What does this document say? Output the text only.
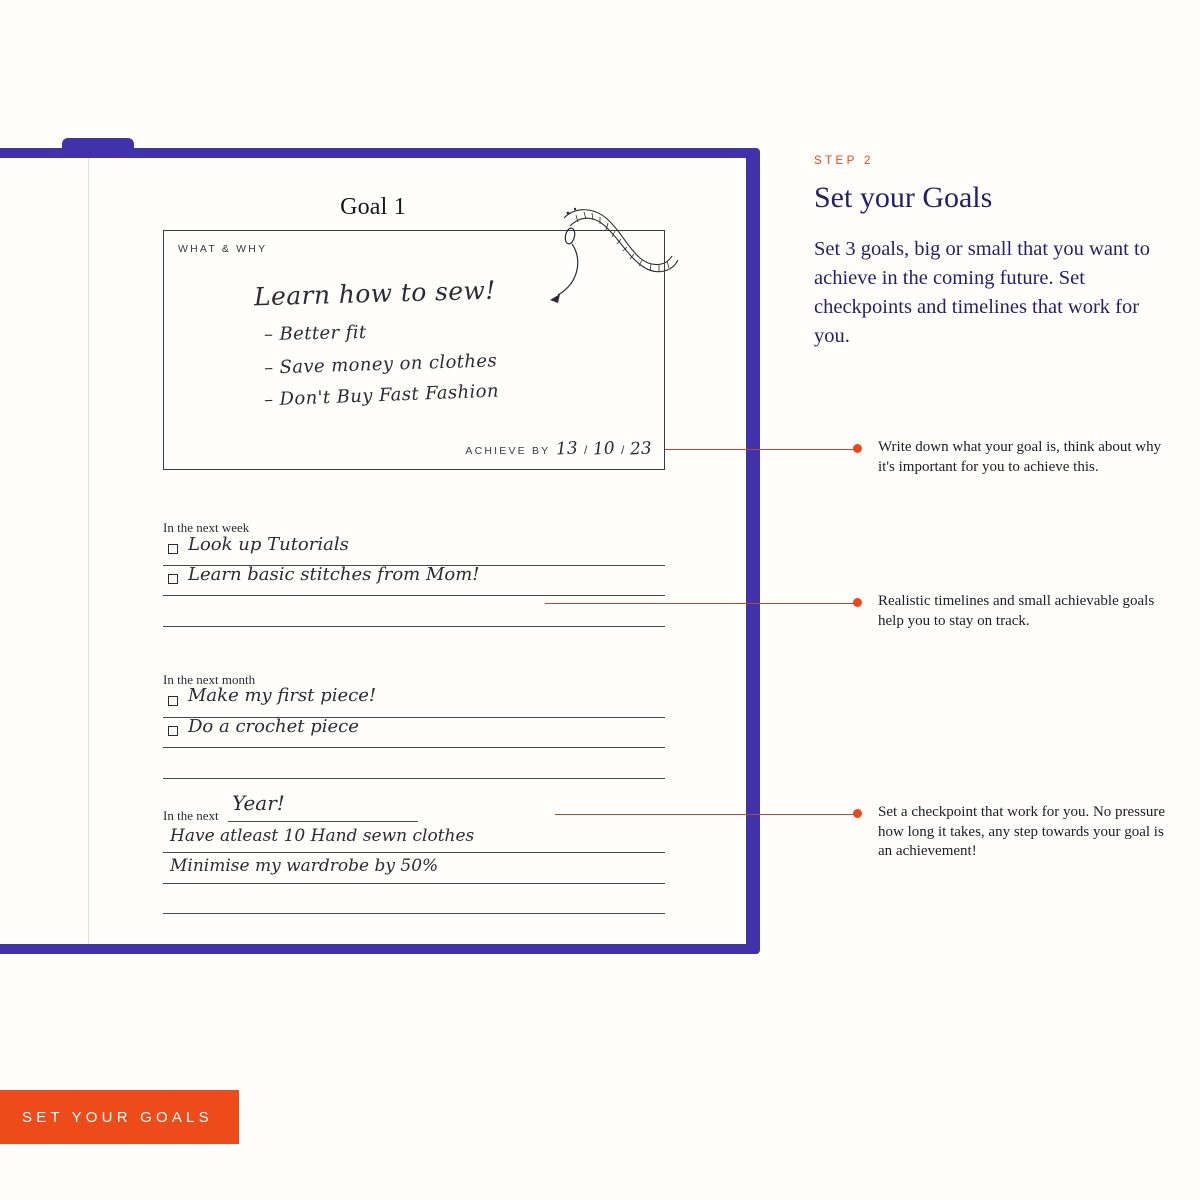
Goal 1
WHAT & WHY
Learn how to sew!
– Better fit
– Save money on clothes
– Don't Buy Fast Fashion
ACHIEVE BY 13 / 10 / 23
In the next week
Look up Tutorials
Learn basic stitches from Mom!
In the next month
Make my first piece!
Do a crochet piece
In the next
Year!
Have atleast 10 Hand sewn clothes
Minimise my wardrobe by 50%
STEP 2
Set your Goals

Set 3 goals, big or small that you want to achieve in the coming future. Set checkpoints and timelines that work for you.

Write down what your goal is, think about why it's important for you to achieve this.
Realistic timelines and small achievable goals help you to stay on track.
Set a checkpoint that work for you. No pressure how long it takes, any step towards your goal is an achievement!
SET YOUR GOALS
